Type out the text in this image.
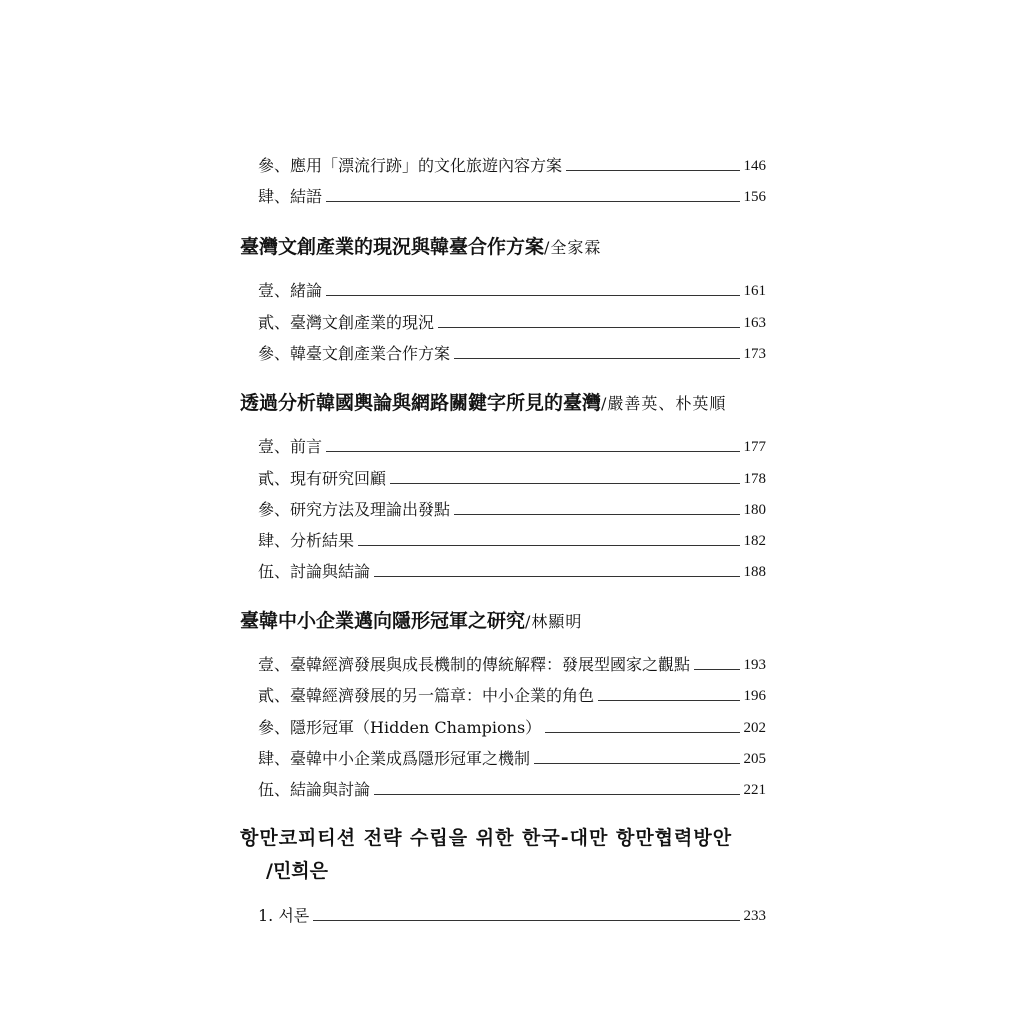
參、應用「漂流行跡」的文化旅遊內容方案	146
肆、結語	156
臺灣文創產業的現況與韓臺合作方案/全家霖
壹、緒論	161
貳、臺灣文創產業的現況	163
參、韓臺文創產業合作方案	173
透過分析韓國輿論與網路關鍵字所見的臺灣/嚴善英、朴英順
壹、前言	177
貳、現有研究回顧	178
參、研究方法及理論出發點	180
肆、分析結果	182
伍、討論與結論	188
臺韓中小企業邁向隱形冠軍之研究/林顯明
壹、臺韓經濟發展與成長機制的傳統解釋：發展型國家之觀點	193
貳、臺韓經濟發展的另一篇章：中小企業的角色	196
參、隱形冠軍（Hidden Champions）	202
肆、臺韓中小企業成爲隱形冠軍之機制	205
伍、結論與討論	221
항만코피티션 전략 수립을 위한 한국-대만 항만협력방안
/민희은
1. 서론	233
